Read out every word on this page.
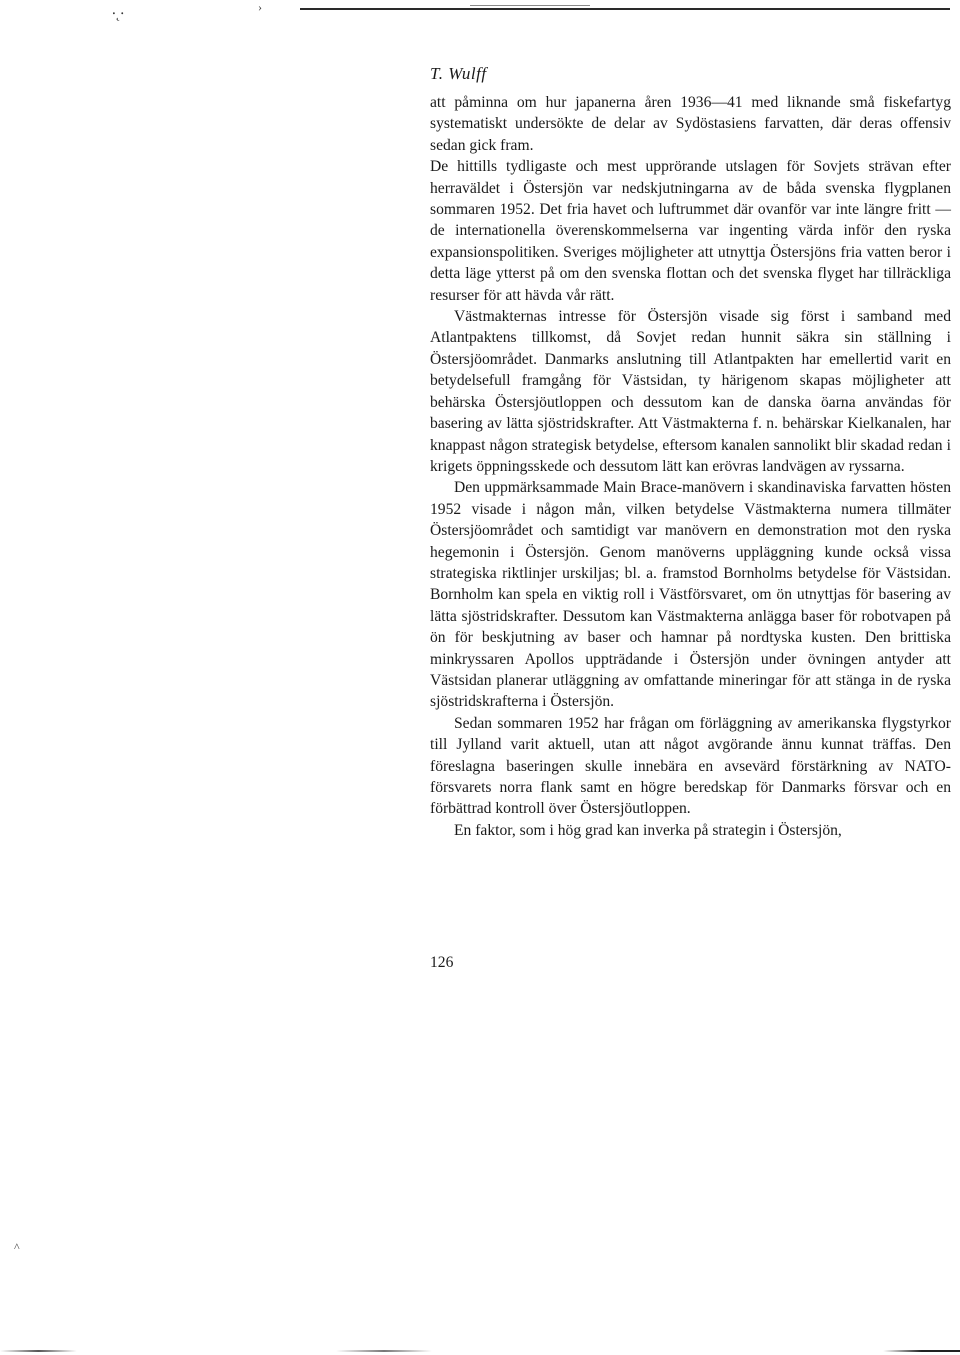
⸱˛⸱	›
^
T. Wulff

att påminna om hur japanerna åren 1936—41 med liknande små fiskefartyg systematiskt undersökte de delar av Sydöstasiens farvatten, där deras offensiv sedan gick fram.

De hittills tydligaste och mest upprörande utslagen för Sovjets strävan efter herraväldet i Östersjön var nedskjutningarna av de båda svenska flygplanen sommaren 1952. Det fria havet och luftrummet där ovanför var inte längre fritt — de internationella överenskommelserna var ingenting värda inför den ryska expansionspolitiken. Sveriges möjligheter att utnyttja Östersjöns fria vatten beror i detta läge ytterst på om den svenska flottan och det svenska flyget har tillräckliga resurser för att hävda vår rätt.

Västmakternas intresse för Östersjön visade sig först i samband med Atlantpaktens tillkomst, då Sovjet redan hunnit säkra sin ställning i Östersjöområdet. Danmarks anslutning till Atlantpakten har emellertid varit en betydelsefull framgång för Västsidan, ty härigenom skapas möjligheter att behärska Östersjöutloppen och dessutom kan de danska öarna användas för basering av lätta sjöstridskrafter. Att Västmakterna f. n. behärskar Kielkanalen, har knappast någon strategisk betydelse, eftersom kanalen sannolikt blir skadad redan i krigets öppningsskede och dessutom lätt kan erövras landvägen av ryssarna.

Den uppmärksammade Main Brace-manövern i skandinaviska farvatten hösten 1952 visade i någon mån, vilken betydelse Västmakterna numera tillmäter Östersjöområdet och samtidigt var manövern en demonstration mot den ryska hegemonin i Östersjön. Genom manöverns uppläggning kunde också vissa strategiska riktlinjer urskiljas; bl. a. framstod Bornholms betydelse för Västsidan. Bornholm kan spela en viktig roll i Västförsvaret, om ön utnyttjas för basering av lätta sjöstridskrafter. Dessutom kan Västmakterna anlägga baser för robotvapen på ön för beskjutning av baser och hamnar på nordtyska kusten. Den brittiska minkryssaren Apollos uppträdande i Östersjön under övningen antyder att Västsidan planerar utläggning av omfattande mineringar för att stänga in de ryska sjöstridskrafterna i Östersjön.

Sedan sommaren 1952 har frågan om förläggning av amerikanska flygstyrkor till Jylland varit aktuell, utan att något avgörande ännu kunnat träffas. Den föreslagna baseringen skulle innebära en avsevärd förstärkning av NATO-försvarets norra flank samt en högre beredskap för Danmarks försvar och en förbättrad kontroll över Östersjöutloppen.

En faktor, som i hög grad kan inverka på strategin i Östersjön,

126
